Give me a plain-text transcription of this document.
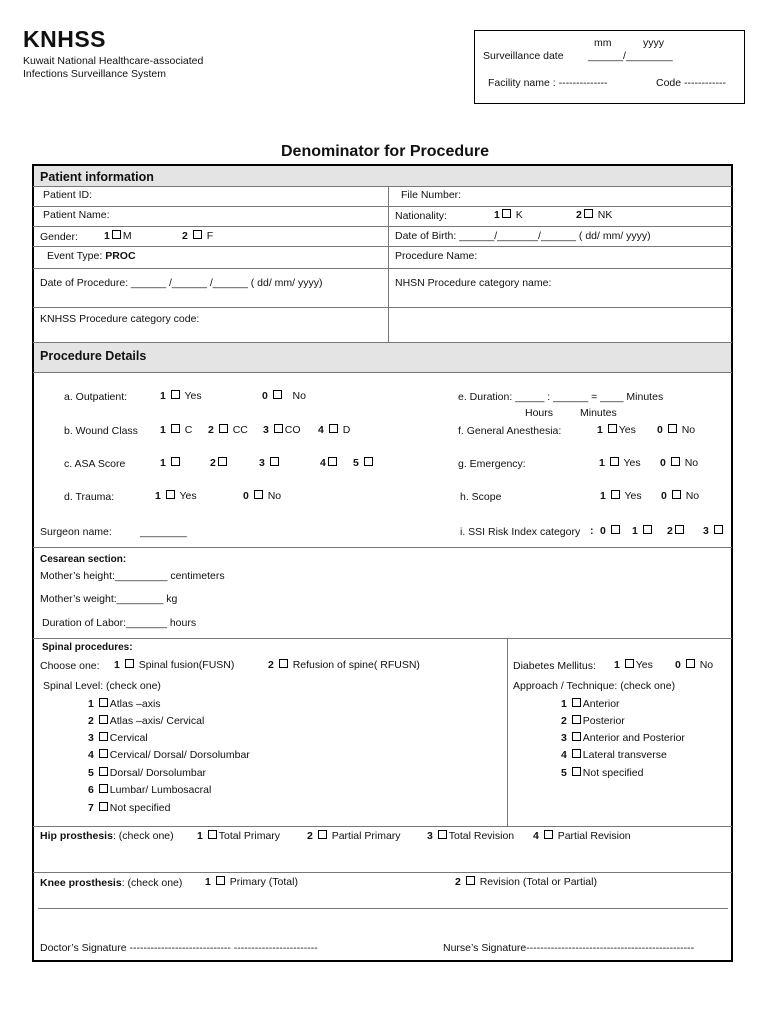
KNHSS
Kuwait National Healthcare-associated
Infections Surveillance System
mm	yyyy
Surveillance date ______/________
Facility name : --------------	Code ------------
Denominator for Procedure
Patient information
Patient ID:	File Number:
Patient Name:	Nationality:	1 K	2 NK
Gender: 1 M	2 F	Date of Birth: ______/_______/______ ( dd/ mm/ yyyy)
Event Type: PROC	Procedure Name:
Date of Procedure: ______ /______ /______ ( dd/ mm/ yyyy)	NHSN Procedure category name:
KNHSS Procedure category code:
Procedure Details
a. Outpatient:	1 Yes	0 No
b. Wound Class 1 C 2 CC 3 CO 4 D
c. ASA Score	1	2	3	4	5
d. Trauma:	1 Yes	0 No
Surgeon name:	________
e. Duration: _____ : ______ = ____ Minutes
Hours	Minutes
f. General Anesthesia:	1 Yes 0 No
g. Emergency:	1 Yes 0 No
h. Scope	1 Yes 0 No
i. SSI Risk Index category : 0	1	2	3
Cesarean section:
Mother’s height:_________ centimeters
Mother’s weight:________ kg
Duration of Labor:_______ hours
Spinal procedures:
Choose one: 1 Spinal fusion(FUSN)	2 Refusion of spine( RFUSN)
Spinal Level: (check one)
1 Atlas –axis
2 Atlas –axis/ Cervical
3 Cervical
4 Cervical/ Dorsal/ Dorsolumbar
5 Dorsal/ Dorsolumbar
6 Lumbar/ Lumbosacral
7 Not specified
Diabetes Mellitus: 1 Yes 0 No
Approach / Technique: (check one)
1 Anterior
2 Posterior
3 Anterior and Posterior
4 Lateral transverse
5 Not specified
Hip prosthesis: (check one) 1 Total Primary	2 Partial Primary	3 Total Revision 4 Partial Revision
Knee prosthesis: (check one) 1 Primary (Total)	2 Revision (Total or Partial)
Doctor’s Signature ----------------------------- ------------------------	Nurse’s Signature------------------------------------------------
